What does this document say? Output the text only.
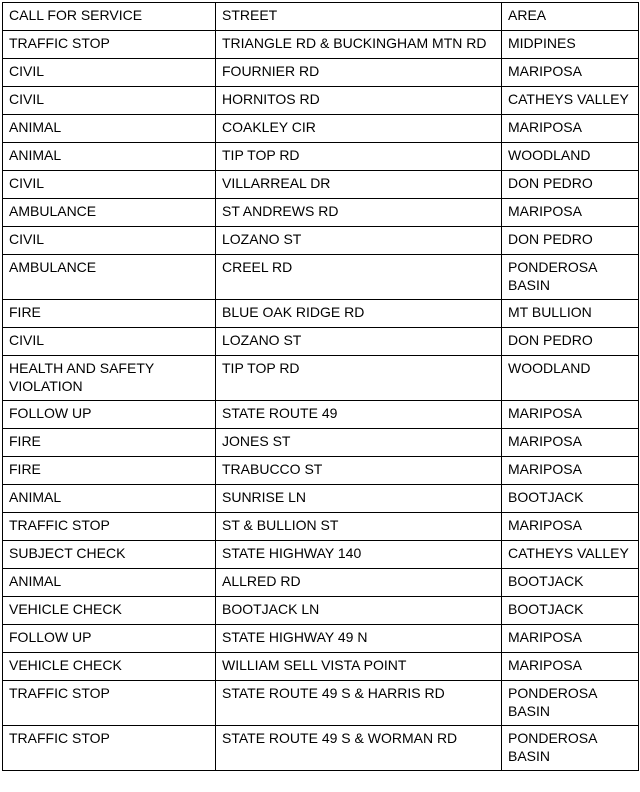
CALL FOR SERVICE	STREET	AREA
TRAFFIC STOP	TRIANGLE RD & BUCKINGHAM MTN RD	MIDPINES
CIVIL	FOURNIER RD	MARIPOSA
CIVIL	HORNITOS RD	CATHEYS VALLEY
ANIMAL	COAKLEY CIR	MARIPOSA
ANIMAL	TIP TOP RD	WOODLAND
CIVIL	VILLARREAL DR	DON PEDRO
AMBULANCE	ST ANDREWS RD	MARIPOSA
CIVIL	LOZANO ST	DON PEDRO
AMBULANCE	CREEL RD	PONDEROSA BASIN
FIRE	BLUE OAK RIDGE RD	MT BULLION
CIVIL	LOZANO ST	DON PEDRO
HEALTH AND SAFETY VIOLATION	TIP TOP RD	WOODLAND
FOLLOW UP	STATE ROUTE 49	MARIPOSA
FIRE	JONES ST	MARIPOSA
FIRE	TRABUCCO ST	MARIPOSA
ANIMAL	SUNRISE LN	BOOTJACK
TRAFFIC STOP	ST & BULLION ST	MARIPOSA
SUBJECT CHECK	STATE HIGHWAY 140	CATHEYS VALLEY
ANIMAL	ALLRED RD	BOOTJACK
VEHICLE CHECK	BOOTJACK LN	BOOTJACK
FOLLOW UP	STATE HIGHWAY 49 N	MARIPOSA
VEHICLE CHECK	WILLIAM SELL VISTA POINT	MARIPOSA
TRAFFIC STOP	STATE ROUTE 49 S & HARRIS RD	PONDEROSA BASIN
TRAFFIC STOP	STATE ROUTE 49 S & WORMAN RD	PONDEROSA BASIN
